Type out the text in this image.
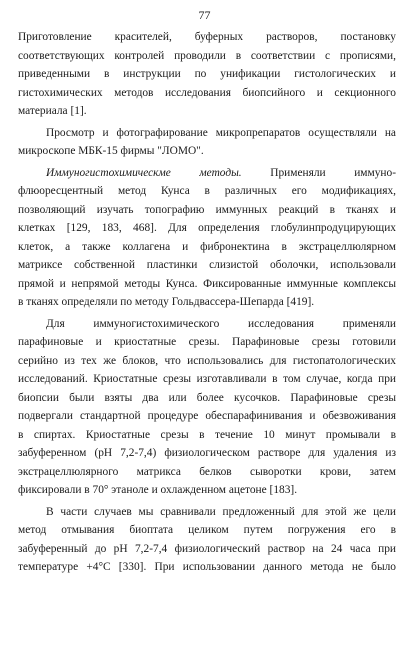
77
Приготовление красителей, буферных растворов, постановку
соответствующих контролей проводили в соответствии с прописями,
приведенными в инструкции по унификации гистологических и
гистохимических методов исследования биопсийного и секционного
материала [1].
Просмотр и фотографирование микропрепаратов осуществляли на
микроскопе МБК-15 фирмы "ЛОМО".
Иммуногистохимическме методы. Применяли иммуно-
флюоресцентный метод Кунса в различных его модификациях,
позволяющий изучать топографию иммунных реакций в тканях и
клетках [129, 183, 468]. Для определения глобулинпродуцирующих
клеток, а также коллагена и фибронектина в экстрацеллюлярном
матриксе собственной пластинки слизистой оболочки, использовали
прямой и непрямой методы Кунса. Фиксированные иммунные комплексы
в тканях определяли по методу Гольдвассера-Шепарда [419].
Для иммуногистохимического исследования применяли
парафиновые и криостатные срезы. Парафиновые срезы готовили
серийно из тех же блоков, что использовались для гистопатологических
исследований. Криостатные срезы изготавливали в том случае, когда при
биопсии были взяты два или более кусочков. Парафиновые срезы
подвергали стандартной процедуре обеспарафинивания и обезвоживания
в спиртах. Криостатные срезы в течение 10 минут промывали в
забуференном (рН 7,2-7,4) физиологическом растворе для удаления из
экстрацеллюлярного матрикса белков сыворотки крови, затем
фиксировали в 70° этаноле и охлажденном ацетоне [183].
В части случаев мы сравнивали предложенный для этой же цели
метод отмывания биоптата целиком путем погружения его в
забуференный до рН 7,2-7,4 физиологический раствор на 24 часа при
температуре +4°С [330]. При использовании данного метода не было
